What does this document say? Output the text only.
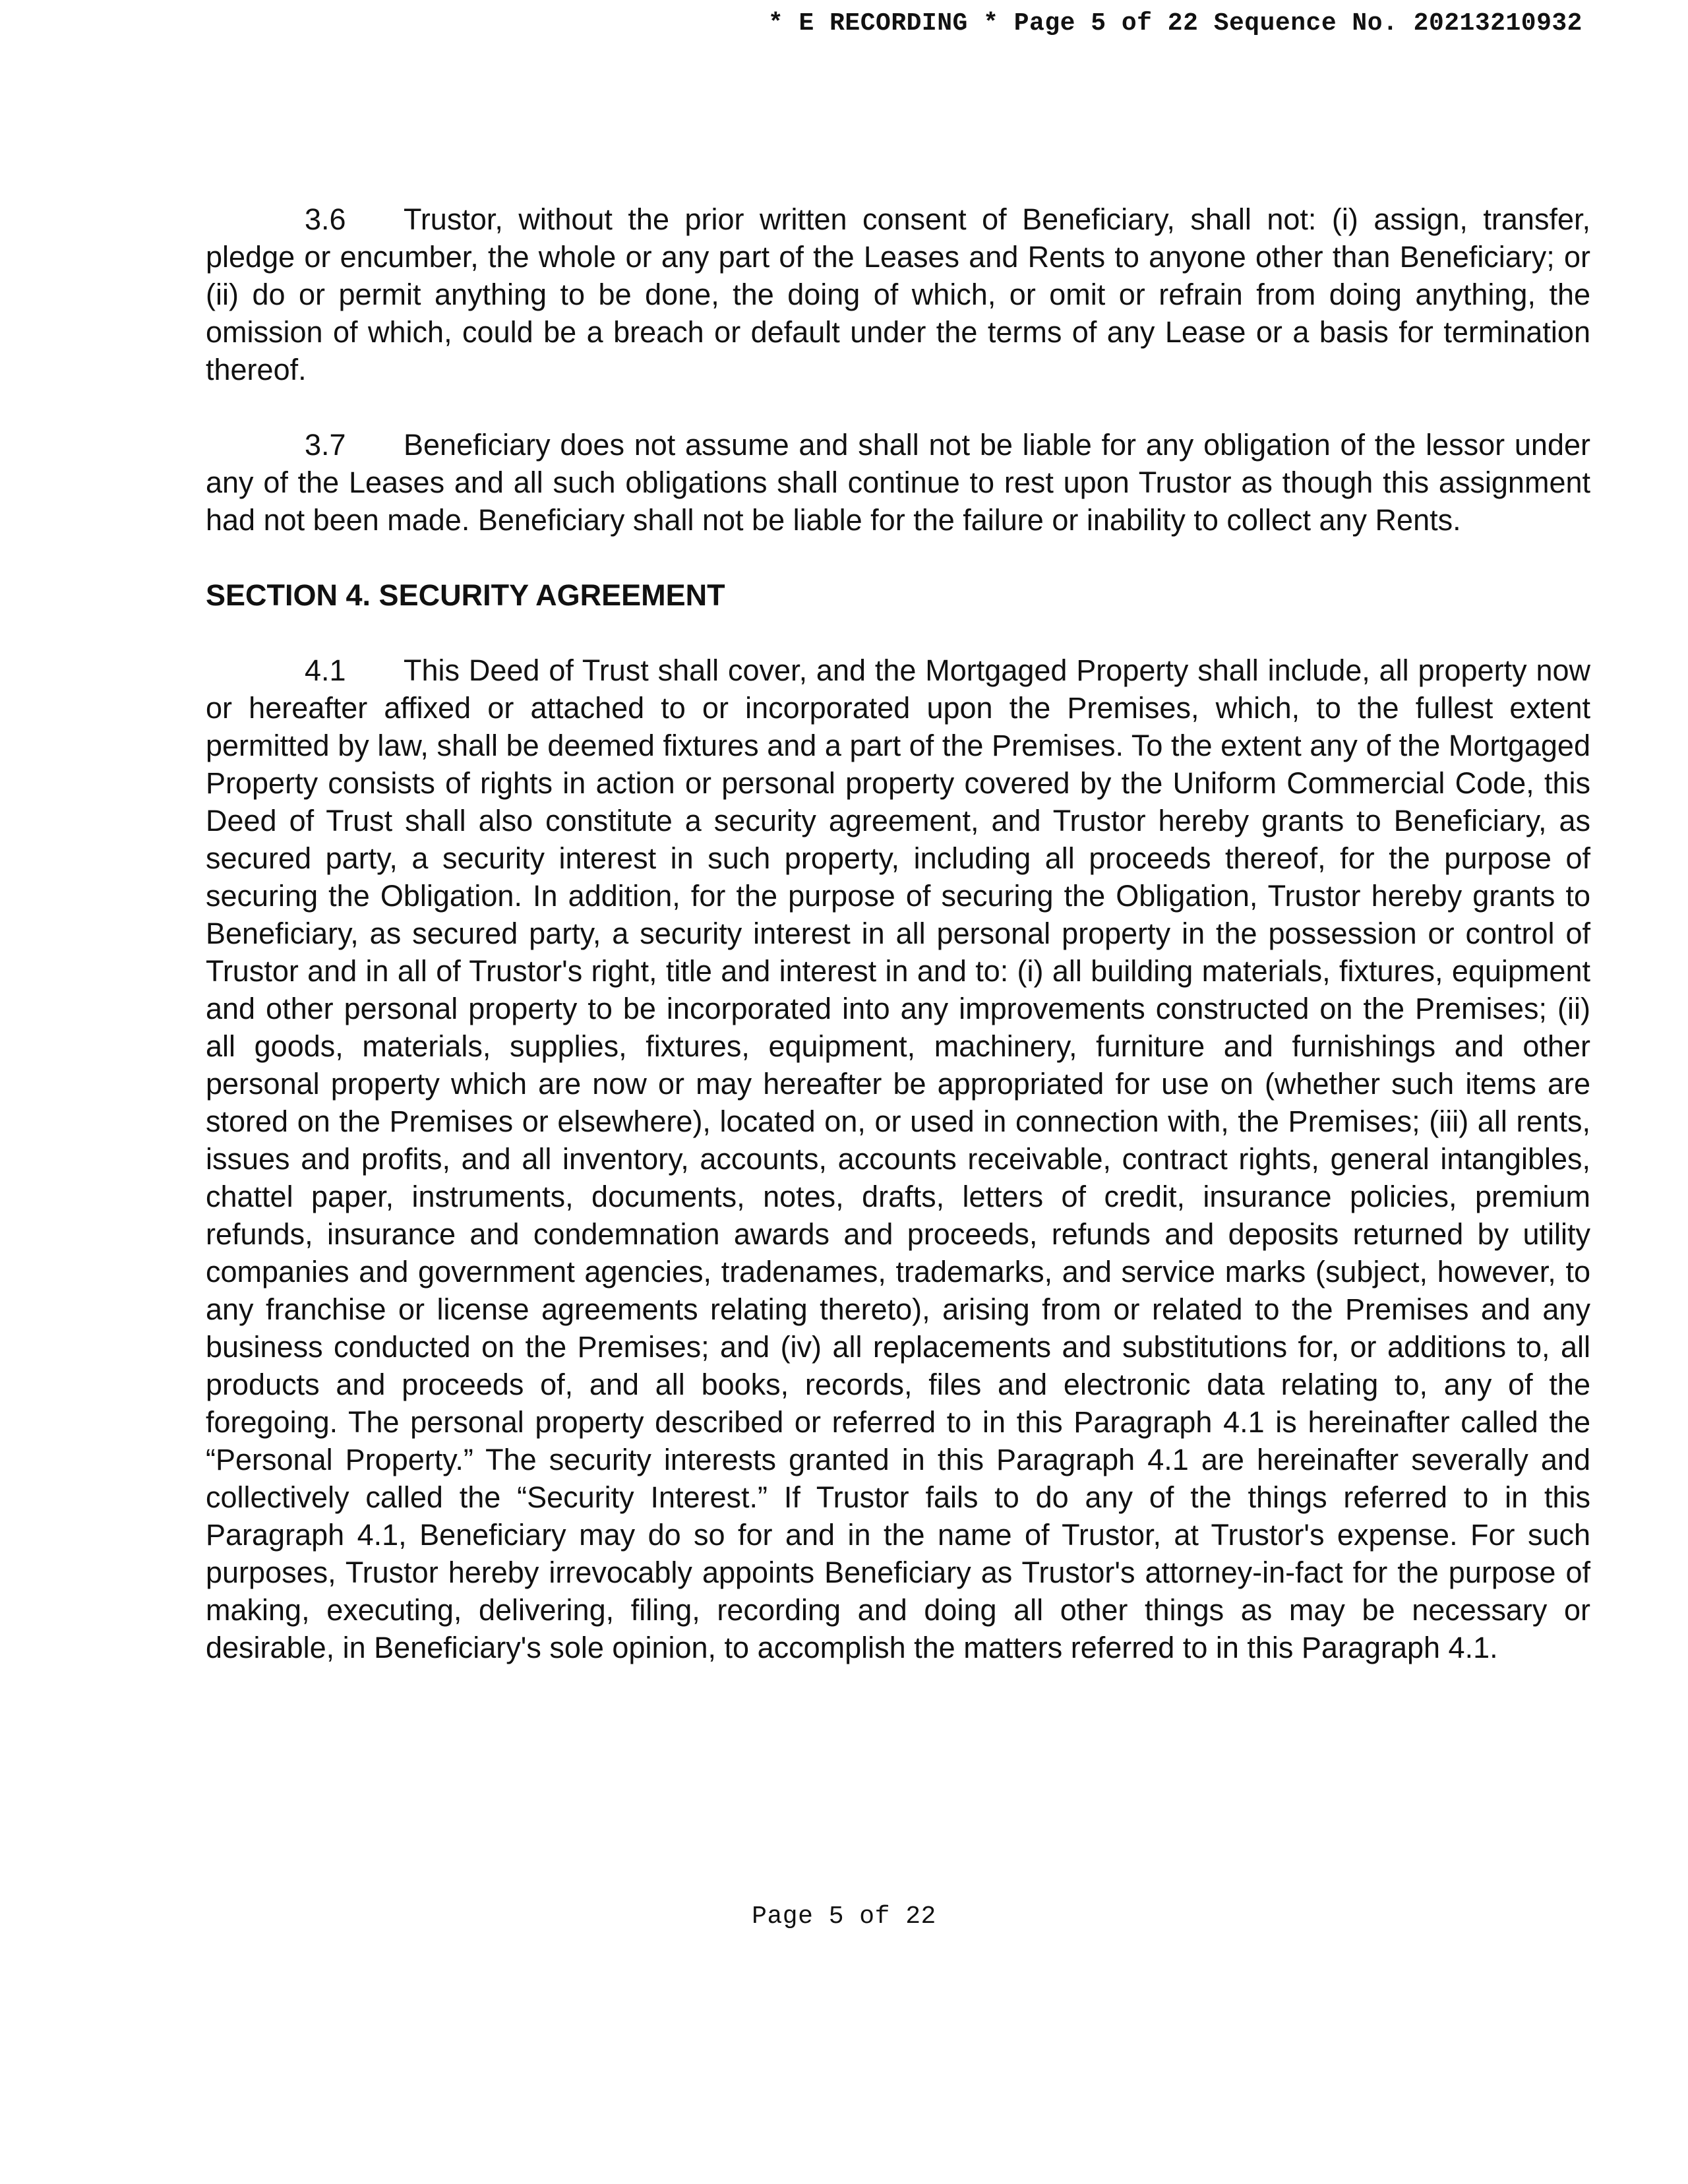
* E RECORDING * Page 5 of 22 Sequence No. 20213210932

3.6 Trustor, without the prior written consent of Beneficiary, shall not: (i) assign, transfer, pledge or encumber, the whole or any part of the Leases and Rents to anyone other than Beneficiary; or (ii) do or permit anything to be done, the doing of which, or omit or refrain from doing anything, the omission of which, could be a breach or default under the terms of any Lease or a basis for termination thereof.

3.7 Beneficiary does not assume and shall not be liable for any obligation of the lessor under any of the Leases and all such obligations shall continue to rest upon Trustor as though this assignment had not been made. Beneficiary shall not be liable for the failure or inability to collect any Rents.

SECTION 4. SECURITY AGREEMENT

4.1 This Deed of Trust shall cover, and the Mortgaged Property shall include, all property now or hereafter affixed or attached to or incorporated upon the Premises, which, to the fullest extent permitted by law, shall be deemed fixtures and a part of the Premises. To the extent any of the Mortgaged Property consists of rights in action or personal property covered by the Uniform Commercial Code, this Deed of Trust shall also constitute a security agreement, and Trustor hereby grants to Beneficiary, as secured party, a security interest in such property, including all proceeds thereof, for the purpose of securing the Obligation. In addition, for the purpose of securing the Obligation, Trustor hereby grants to Beneficiary, as secured party, a security interest in all personal property in the possession or control of Trustor and in all of Trustor's right, title and interest in and to: (i) all building materials, fixtures, equipment and other personal property to be incorporated into any improvements constructed on the Premises; (ii) all goods, materials, supplies, fixtures, equipment, machinery, furniture and furnishings and other personal property which are now or may hereafter be appropriated for use on (whether such items are stored on the Premises or elsewhere), located on, or used in connection with, the Premises; (iii) all rents, issues and profits, and all inventory, accounts, accounts receivable, contract rights, general intangibles, chattel paper, instruments, documents, notes, drafts, letters of credit, insurance policies, premium refunds, insurance and condemnation awards and proceeds, refunds and deposits returned by utility companies and government agencies, tradenames, trademarks, and service marks (subject, however, to any franchise or license agreements relating thereto), arising from or related to the Premises and any business conducted on the Premises; and (iv) all replacements and substitutions for, or additions to, all products and proceeds of, and all books, records, files and electronic data relating to, any of the foregoing. The personal property described or referred to in this Paragraph 4.1 is hereinafter called the “Personal Property.” The security interests granted in this Paragraph 4.1 are hereinafter severally and collectively called the “Security Interest.” If Trustor fails to do any of the things referred to in this Paragraph 4.1, Beneficiary may do so for and in the name of Trustor, at Trustor's expense. For such purposes, Trustor hereby irrevocably appoints Beneficiary as Trustor's attorney-in-fact for the purpose of making, executing, delivering, filing, recording and doing all other things as may be necessary or desirable, in Beneficiary's sole opinion, to accomplish the matters referred to in this Paragraph 4.1.

Page 5 of 22
